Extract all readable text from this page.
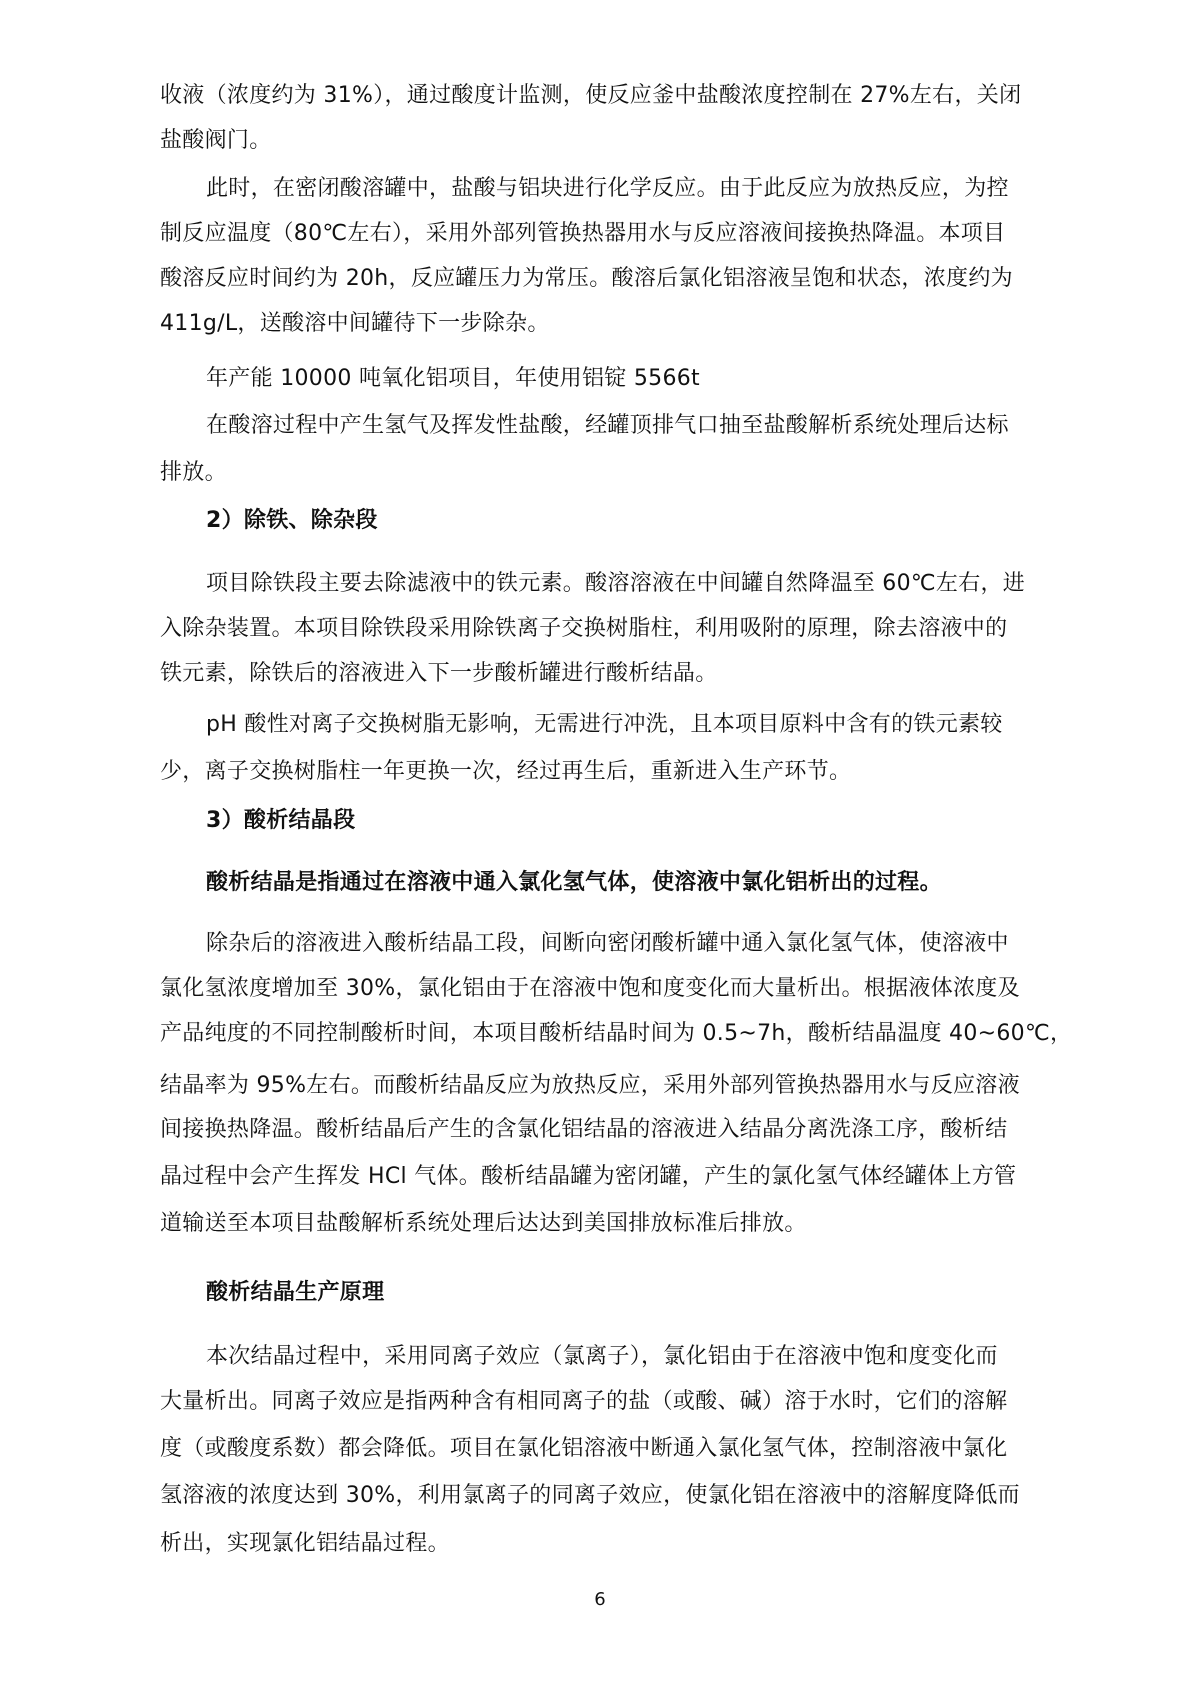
收液（浓度约为 31%），通过酸度计监测，使反应釜中盐酸浓度控制在 27%左右，关闭
盐酸阀门。
此时，在密闭酸溶罐中，盐酸与铝块进行化学反应。由于此反应为放热反应，为控
制反应温度（80℃左右），采用外部列管换热器用水与反应溶液间接换热降温。本项目
酸溶反应时间约为 20h，反应罐压力为常压。酸溶后氯化铝溶液呈饱和状态，浓度约为
411g/L，送酸溶中间罐待下一步除杂。
年产能 10000 吨氧化铝项目，年使用铝锭 5566t
在酸溶过程中产生氢气及挥发性盐酸，经罐顶排气口抽至盐酸解析系统处理后达标
排放。
2）除铁、除杂段
项目除铁段主要去除滤液中的铁元素。酸溶溶液在中间罐自然降温至 60℃左右，进
入除杂装置。本项目除铁段采用除铁离子交换树脂柱，利用吸附的原理，除去溶液中的
铁元素，除铁后的溶液进入下一步酸析罐进行酸析结晶。
pH 酸性对离子交换树脂无影响，无需进行冲洗，且本项目原料中含有的铁元素较
少，离子交换树脂柱一年更换一次，经过再生后，重新进入生产环节。
3）酸析结晶段
酸析结晶是指通过在溶液中通入氯化氢气体，使溶液中氯化铝析出的过程。
除杂后的溶液进入酸析结晶工段，间断向密闭酸析罐中通入氯化氢气体，使溶液中
氯化氢浓度增加至 30%，氯化铝由于在溶液中饱和度变化而大量析出。根据液体浓度及
产品纯度的不同控制酸析时间，本项目酸析结晶时间为 0.5~7h，酸析结晶温度 40~60℃，
结晶率为 95%左右。而酸析结晶反应为放热反应，采用外部列管换热器用水与反应溶液
间接换热降温。酸析结晶后产生的含氯化铝结晶的溶液进入结晶分离洗涤工序，酸析结
晶过程中会产生挥发 HCl 气体。酸析结晶罐为密闭罐，产生的氯化氢气体经罐体上方管
道输送至本项目盐酸解析系统处理后达达到美国排放标准后排放。
酸析结晶生产原理
本次结晶过程中，采用同离子效应（氯离子），氯化铝由于在溶液中饱和度变化而
大量析出。同离子效应是指两种含有相同离子的盐（或酸、碱）溶于水时，它们的溶解
度（或酸度系数）都会降低。项目在氯化铝溶液中断通入氯化氢气体，控制溶液中氯化
氢溶液的浓度达到 30%，利用氯离子的同离子效应，使氯化铝在溶液中的溶解度降低而
析出，实现氯化铝结晶过程。
6
